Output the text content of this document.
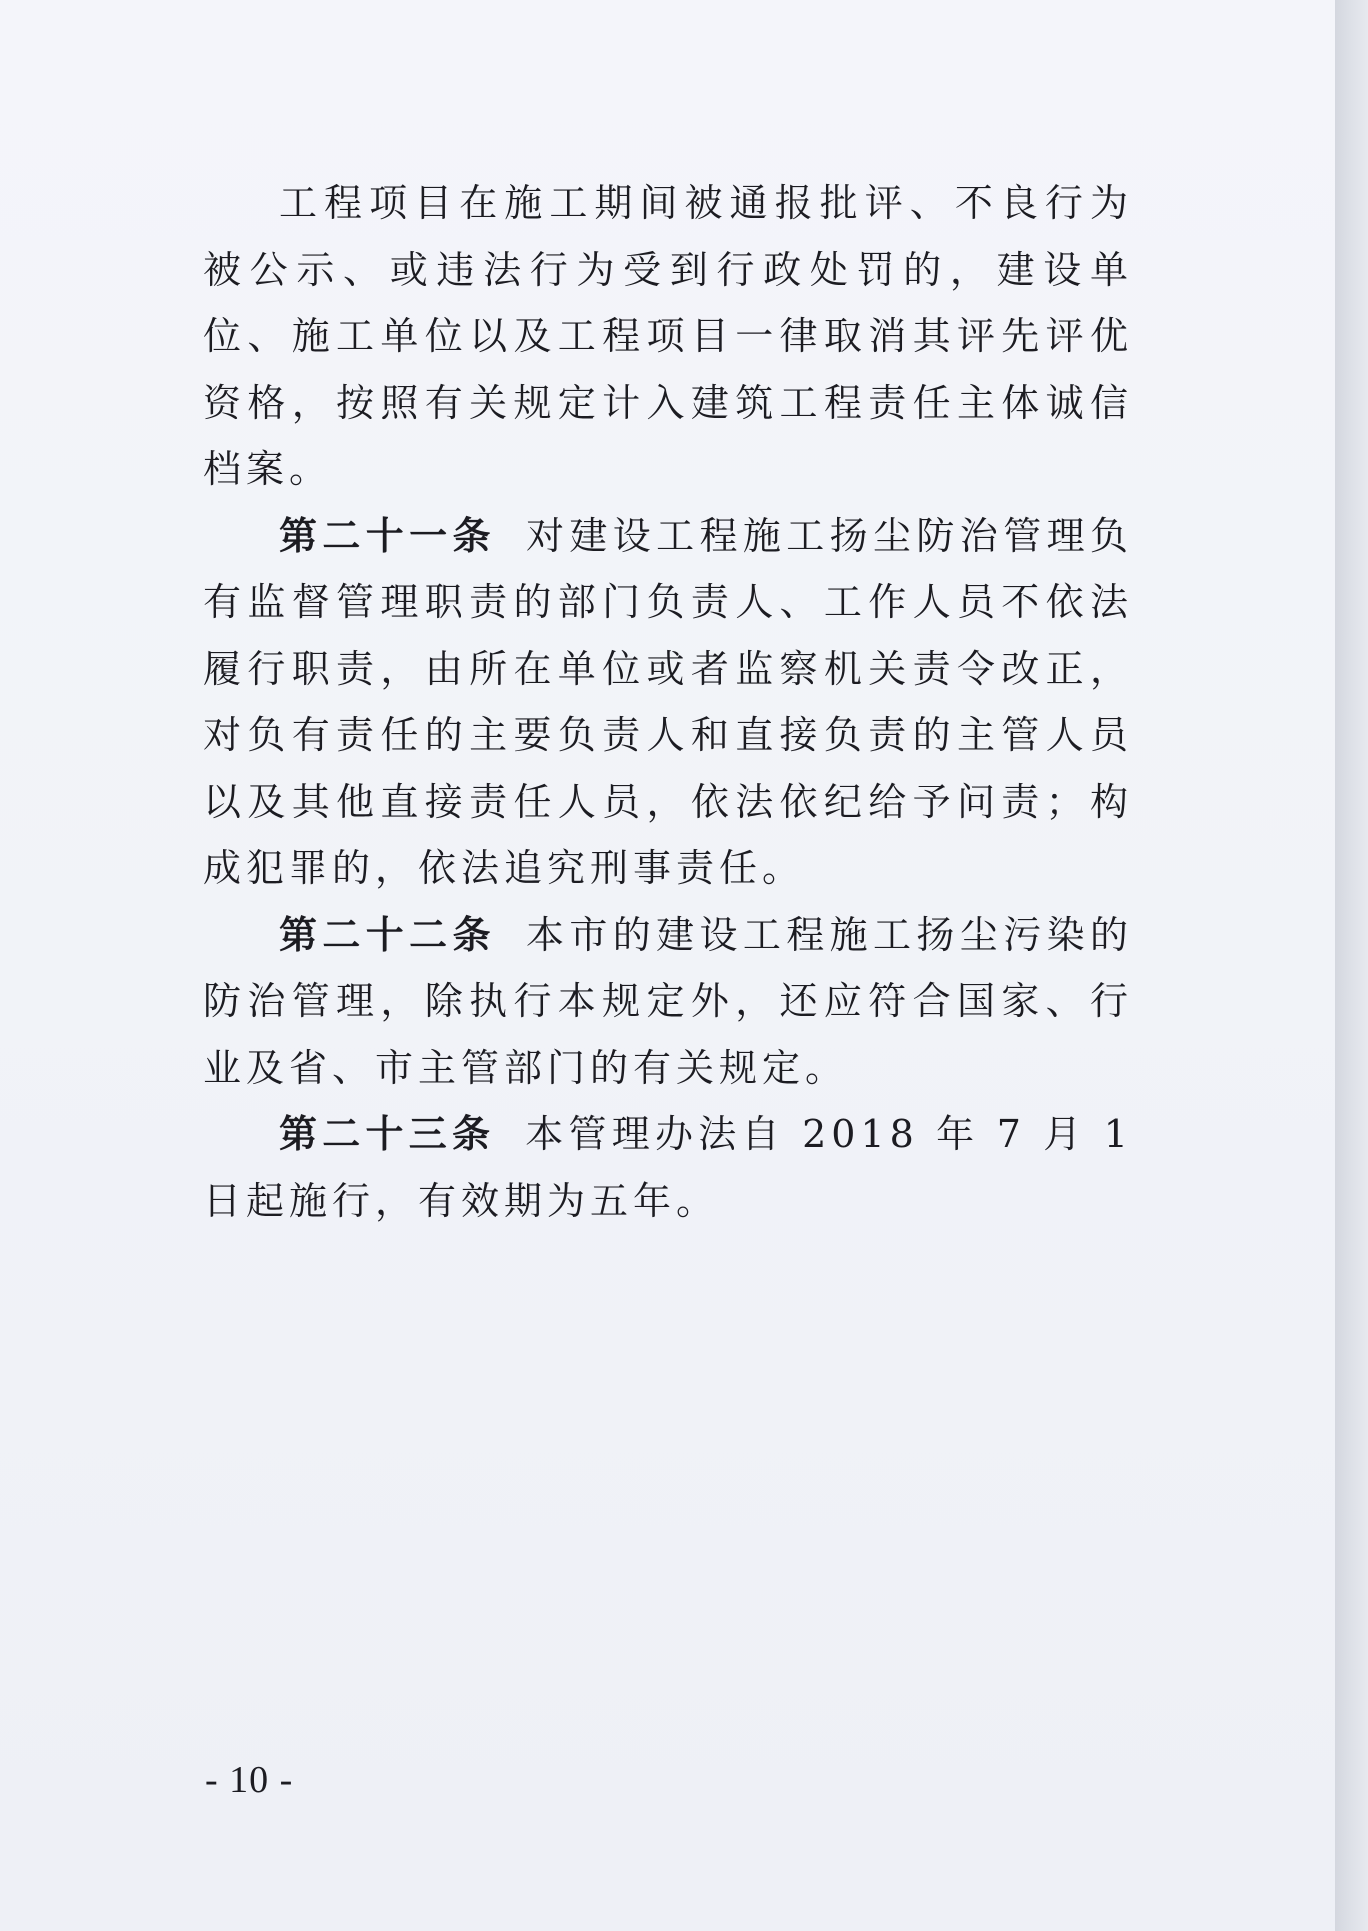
工程项目在施工期间被通报批评、不良行为被公示、或违法行为受到行政处罚的，建设单位、施工单位以及工程项目一律取消其评先评优资格，按照有关规定计入建筑工程责任主体诚信档案。

第二十一条 对建设工程施工扬尘防治管理负有监督管理职责的部门负责人、工作人员不依法履行职责，由所在单位或者监察机关责令改正，对负有责任的主要负责人和直接负责的主管人员以及其他直接责任人员，依法依纪给予问责；构成犯罪的，依法追究刑事责任。

第二十二条 本市的建设工程施工扬尘污染的防治管理，除执行本规定外，还应符合国家、行业及省、市主管部门的有关规定。

第二十三条 本管理办法自 2018 年 7 月 1 日起施行，有效期为五年。

- 10 -
